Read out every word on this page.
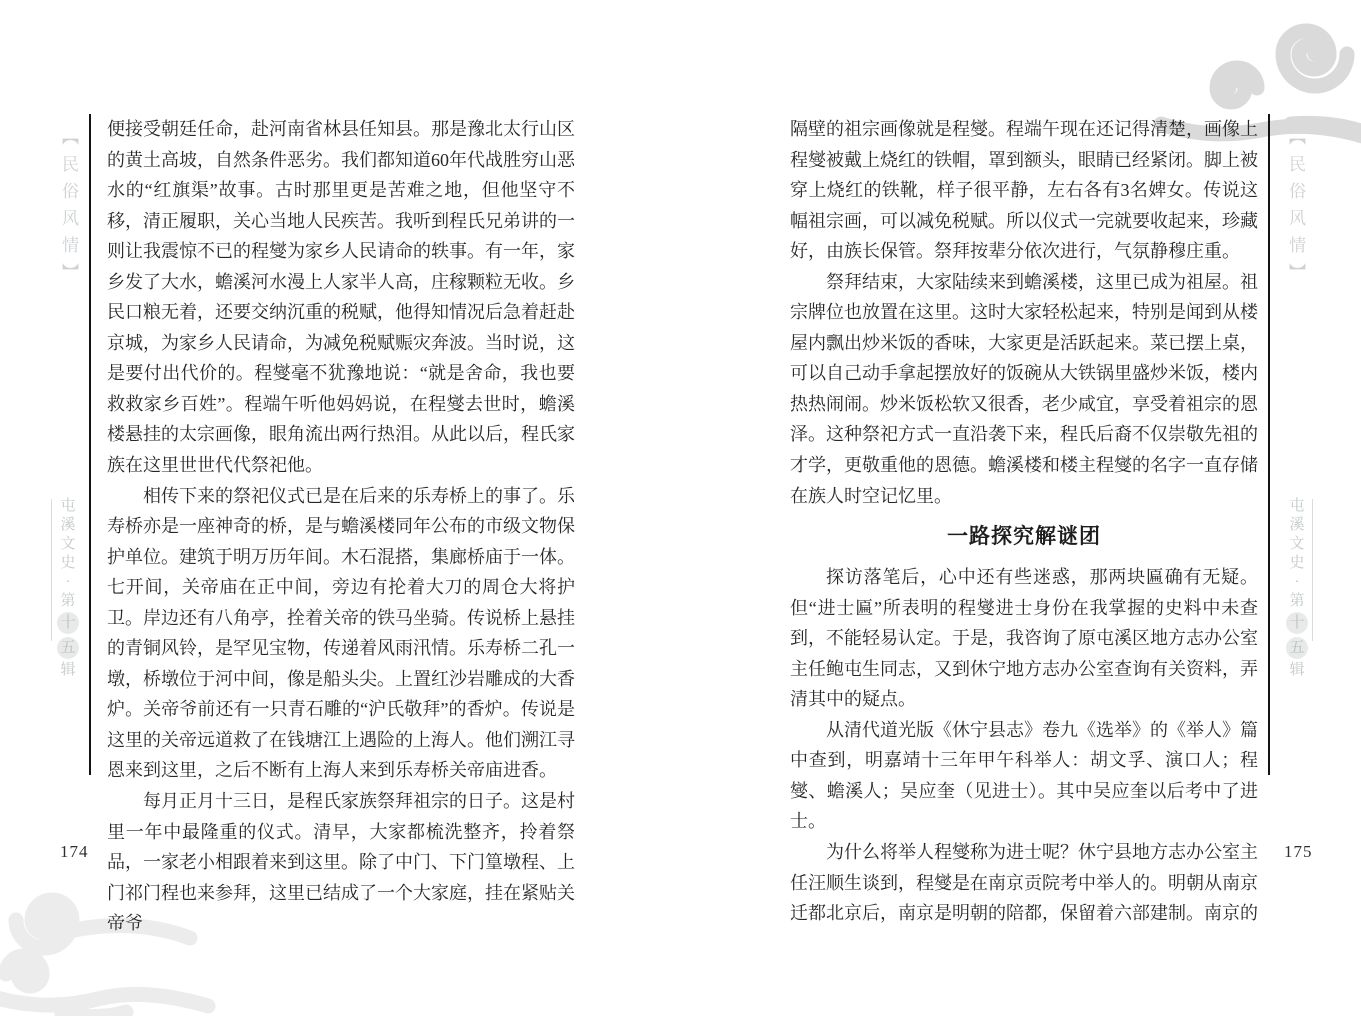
【民俗风情】	【民俗风情】
屯
溪
文
史
·
第
十
五
辑
屯
溪
文
史
·
第
十
五
辑

便接受朝廷任命，赴河南省林县任知县。那是豫北太行山区的黄土高坡，自然条件恶劣。我们都知道60年代战胜穷山恶水的“红旗渠”故事。古时那里更是苦难之地，但他坚守不移，清正履职，关心当地人民疾苦。我听到程氏兄弟讲的一则让我震惊不已的程燮为家乡人民请命的轶事。有一年，家乡发了大水，蟾溪河水漫上人家半人高，庄稼颗粒无收。乡民口粮无着，还要交纳沉重的税赋，他得知情况后急着赶赴京城，为家乡人民请命，为减免税赋赈灾奔波。当时说，这是要付出代价的。程燮毫不犹豫地说：“就是舍命，我也要救救家乡百姓”。程端午听他妈妈说，在程燮去世时，蟾溪楼悬挂的太宗画像，眼角流出两行热泪。从此以后，程氏家族在这里世世代代祭祀他。

相传下来的祭祀仪式已是在后来的乐寿桥上的事了。乐寿桥亦是一座神奇的桥，是与蟾溪楼同年公布的市级文物保护单位。建筑于明万历年间。木石混搭，集廊桥庙于一体。七开间，关帝庙在正中间，旁边有抡着大刀的周仓大将护卫。岸边还有八角亭，拴着关帝的铁马坐骑。传说桥上悬挂的青铜风铃，是罕见宝物，传递着风雨汛情。乐寿桥二孔一墩，桥墩位于河中间，像是船头尖。上置红沙岩雕成的大香炉。关帝爷前还有一只青石雕的“沪氏敬拜”的香炉。传说是这里的关帝远道救了在钱塘江上遇险的上海人。他们溯江寻恩来到这里，之后不断有上海人来到乐寿桥关帝庙进香。

每月正月十三日，是程氏家族祭拜祖宗的日子。这是村里一年中最隆重的仪式。清早，大家都梳洗整齐，拎着祭品，一家老小相跟着来到这里。除了中门、下门篁墩程、上门祁门程也来参拜，这里已结成了一个大家庭，挂在紧贴关帝爷

隔壁的祖宗画像就是程燮。程端午现在还记得清楚，画像上程燮被戴上烧红的铁帽，罩到额头，眼睛已经紧闭。脚上被穿上烧红的铁靴，样子很平静，左右各有3名婢女。传说这幅祖宗画，可以减免税赋。所以仪式一完就要收起来，珍藏好，由族长保管。祭拜按辈分依次进行，气氛静穆庄重。

祭拜结束，大家陆续来到蟾溪楼，这里已成为祖屋。祖宗牌位也放置在这里。这时大家轻松起来，特别是闻到从楼屋内飘出炒米饭的香味，大家更是活跃起来。菜已摆上桌，可以自己动手拿起摆放好的饭碗从大铁锅里盛炒米饭，楼内热热闹闹。炒米饭松软又很香，老少咸宜，享受着祖宗的恩泽。这种祭祀方式一直沿袭下来，程氏后裔不仅崇敬先祖的才学，更敬重他的恩德。蟾溪楼和楼主程燮的名字一直存储在族人时空记忆里。

一路探究解谜团

探访落笔后，心中还有些迷惑，那两块匾确有无疑。但“进士匾”所表明的程燮进士身份在我掌握的史料中未查到，不能轻易认定。于是，我咨询了原屯溪区地方志办公室主任鲍屯生同志，又到休宁地方志办公室查询有关资料，弄清其中的疑点。

从清代道光版《休宁县志》卷九《选举》的《举人》篇中查到，明嘉靖十三年甲午科举人：胡文孚、演口人；程燮、蟾溪人；吴应奎（见进士）。其中吴应奎以后考中了进士。

为什么将举人程燮称为进士呢？休宁县地方志办公室主任汪顺生谈到，程燮是在南京贡院考中举人的。明朝从南京迁都北京后，南京是明朝的陪都，保留着六部建制。南京的

174	175
